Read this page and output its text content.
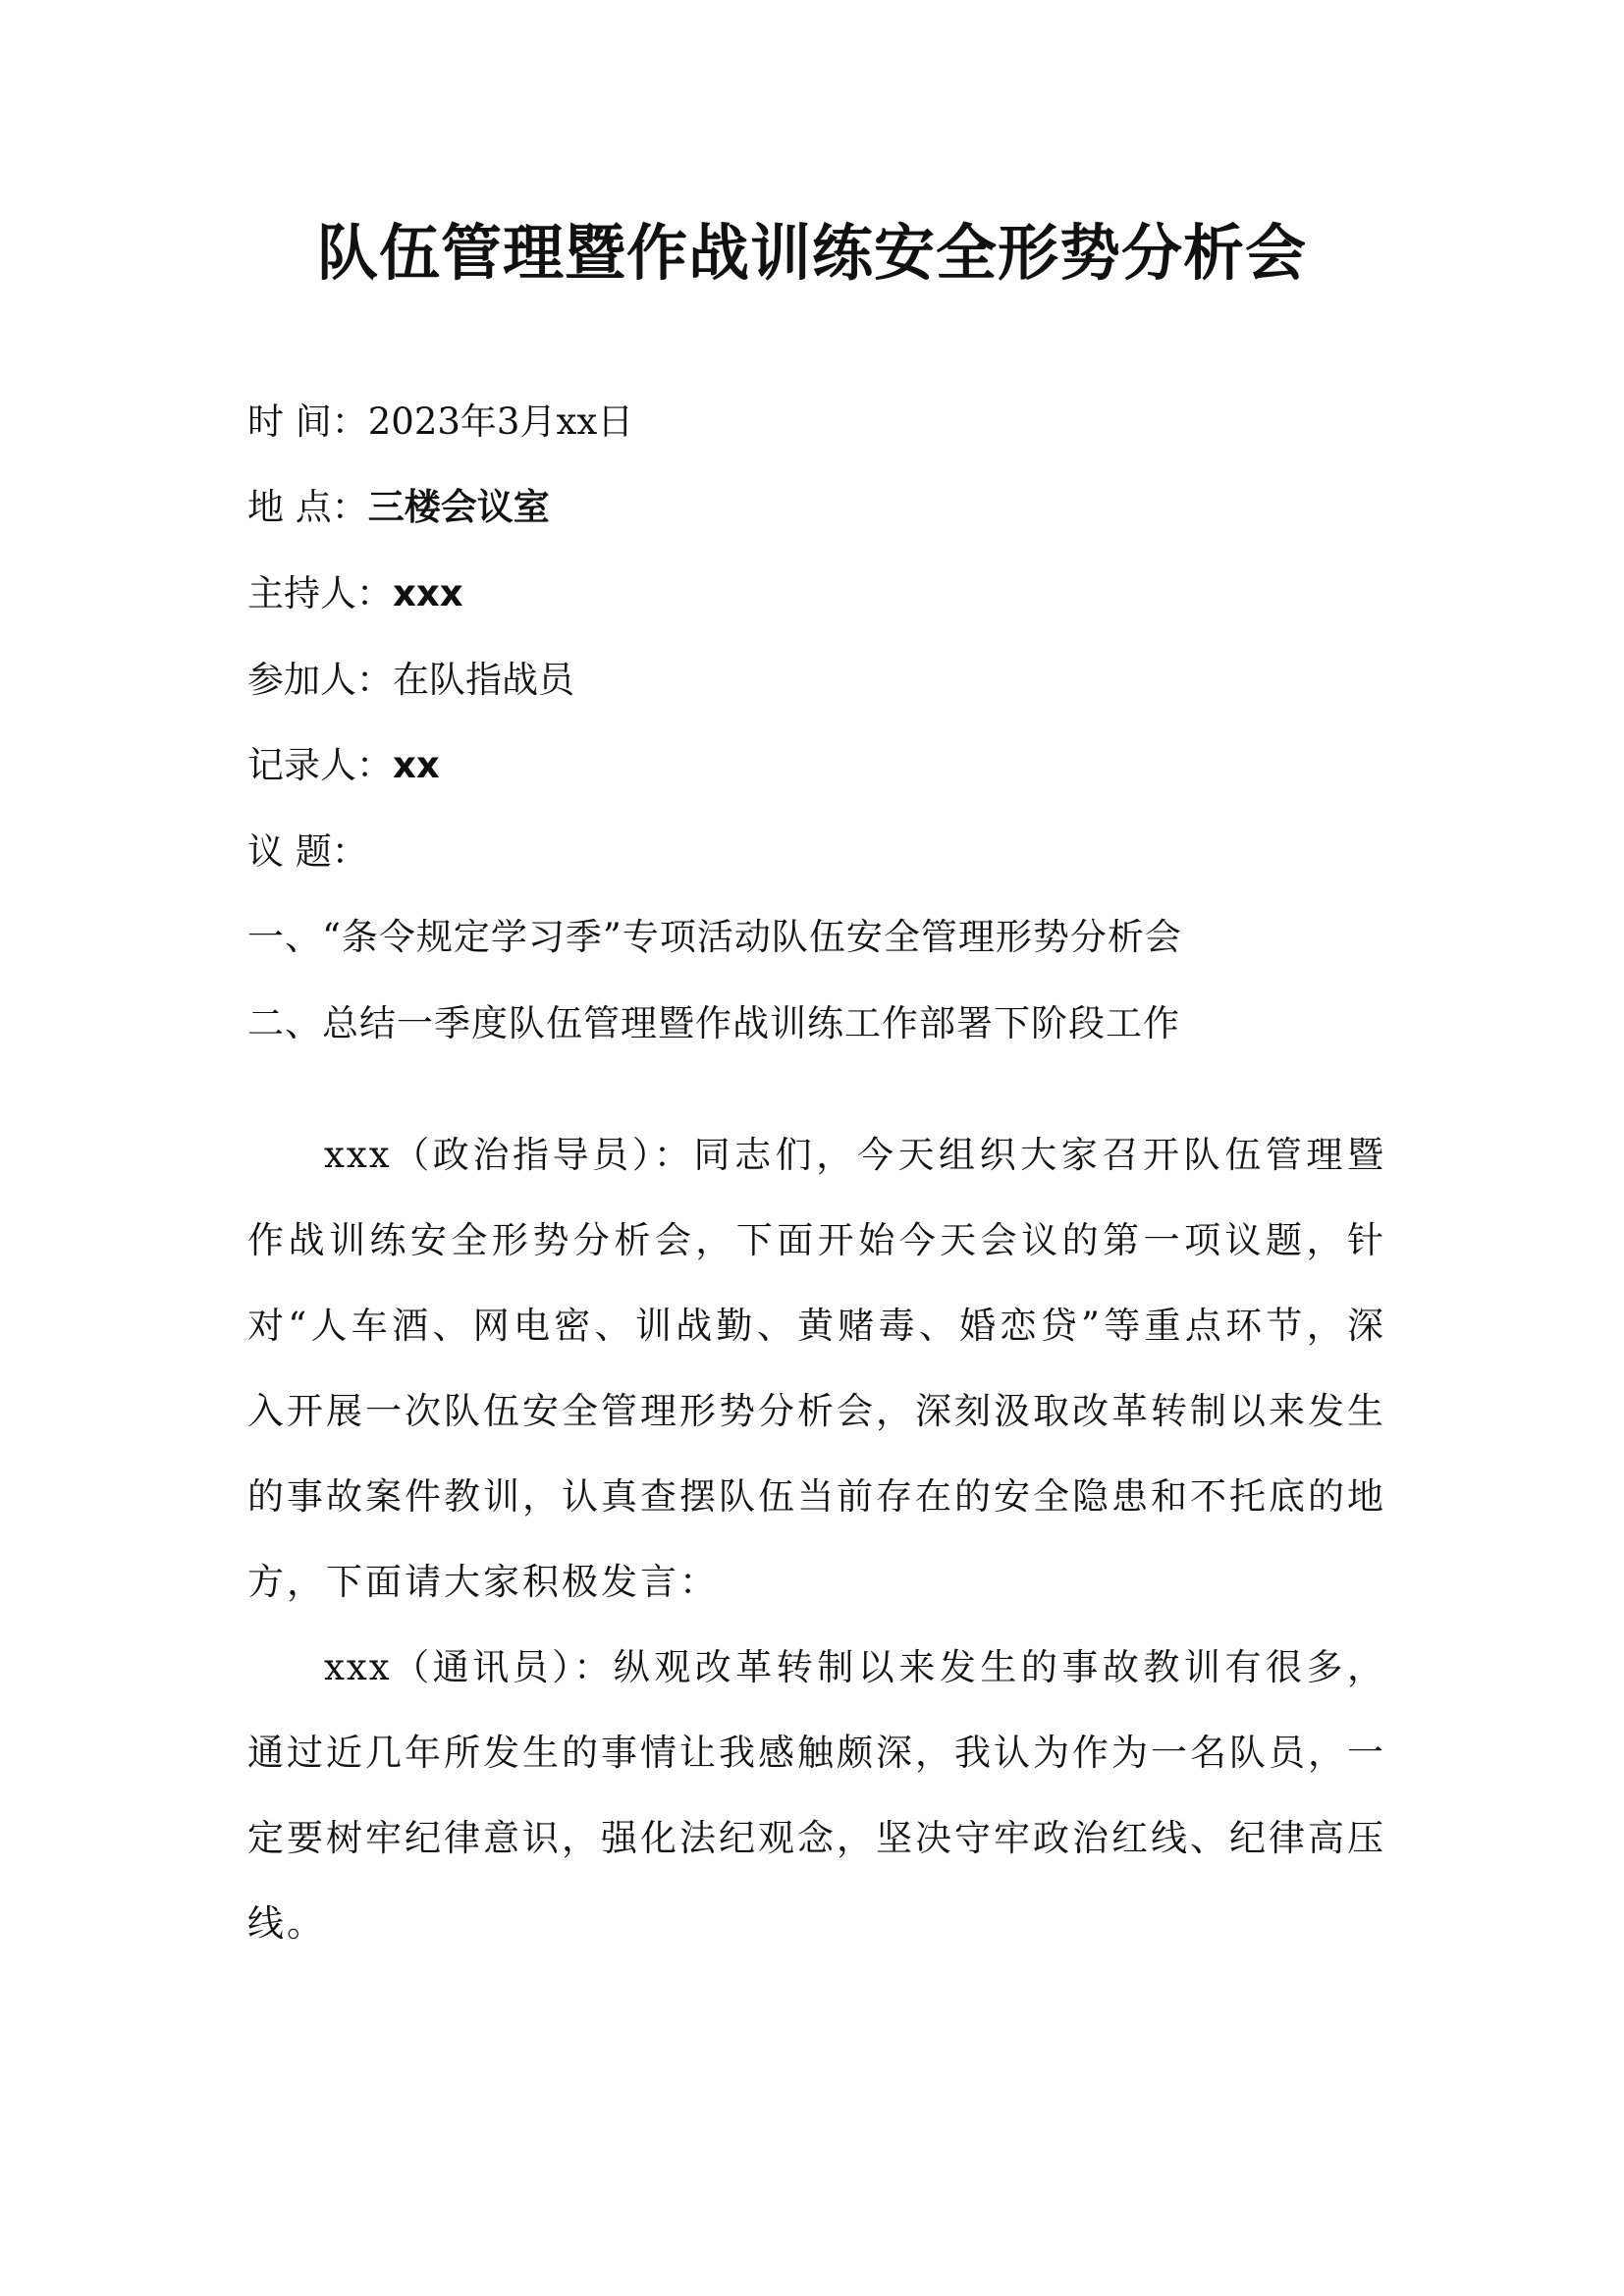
队伍管理暨作战训练安全形势分析会
时 间：2023年3月xx日
地 点：三楼会议室
主持人：xxx
参加人：在队指战员
记录人：xx
议 题：
一、“条令规定学习季”专项活动队伍安全管理形势分析会
二、总结一季度队伍管理暨作战训练工作部署下阶段工作
xxx（政治指导员）：同志们，今天组织大家召开队伍管理暨作战训练安全形势分析会，下面开始今天会议的第一项议题，针对“人车酒、网电密、训战勤、黄赌毒、婚恋贷”等重点环节，深入开展一次队伍安全管理形势分析会，深刻汲取改革转制以来发生的事故案件教训，认真查摆队伍当前存在的安全隐患和不托底的地方，下面请大家积极发言：
xxx（通讯员）：纵观改革转制以来发生的事故教训有很多，通过近几年所发生的事情让我感触颇深，我认为作为一名队员，一定要树牢纪律意识，强化法纪观念，坚决守牢政治红线、纪律高压线。
